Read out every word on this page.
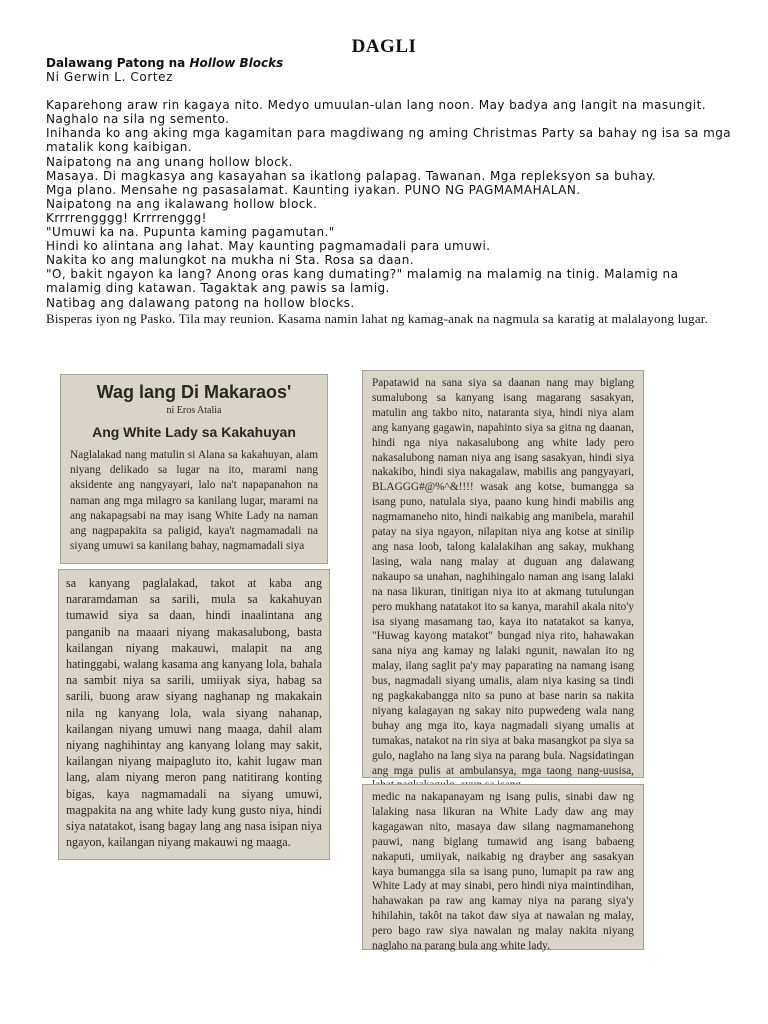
DAGLI
Dalawang Patong na Hollow Blocks
Ni Gerwin L. Cortez

Kaparehong araw rin kagaya nito. Medyo umuulan-ulan lang noon. May badya ang langit na masungit.

Naghalo na sila ng semento.

Inihanda ko ang aking mga kagamitan para magdiwang ng aming Christmas Party sa bahay ng isa sa mga matalik kong kaibigan.

Naipatong na ang unang hollow block.

Masaya. Di magkasya ang kasayahan sa ikatlong palapag. Tawanan. Mga repleksyon sa buhay.

Mga plano. Mensahe ng pasasalamat. Kaunting iyakan. PUNO NG PAGMAMAHALAN.

Naipatong na ang ikalawang hollow block.

Krrrrengggg! Krrrrenggg!

"Umuwi ka na. Pupunta kaming pagamutan."

Hindi ko alintana ang lahat. May kaunting pagmamadali para umuwi.

Nakita ko ang malungkot na mukha ni Sta. Rosa sa daan.

"O, bakit ngayon ka lang? Anong oras kang dumating?" malamig na malamig na tinig. Malamig na malamig ding katawan. Tagaktak ang pawis sa lamig.

Natibag ang dalawang patong na hollow blocks.

Bisperas iyon ng Pasko. Tila may reunion. Kasama namin lahat ng kamag-anak na nagmula sa karatig at malalayong lugar.

Wag lang Di Makaraos'
ni Eros Atalia
Ang White Lady sa Kakahuyan
Naglalakad nang matulin si Alana sa kakahuyan, alam niyang delikado sa lugar na ito, marami nang aksidente ang nangyayari, lalo na't napapanahon na naman ang mga milagro sa kanilang lugar, marami na ang nakapagsabi na may isang White Lady na naman ang nagpapakita sa paligid, kaya't nagmamadali na siyang umuwi sa kanilang bahay, nagmamadali siya
sa kanyang paglalakad, takot at kaba ang nararamdaman sa sarili, mula sa kakahuyan tumawid siya sa daan, hindi inaalintana ang panganib na maaari niyang makasalubong, basta kailangan niyang makauwi, malapit na ang hatinggabi, walang kasama ang kanyang lola, bahala na sambit niya sa sarili, umiiyak siya, habag sa sarili, buong araw siyang naghanap ng makakain nila ng kanyang lola, wala siyang nahanap, kailangan niyang umuwi nang maaga, dahil alam niyang naghihintay ang kanyang lolang may sakit, kailangan niyang maipagluto ito, kahit lugaw man lang, alam niyang meron pang natitirang konting bigas, kaya nagmamadali na siyang umuwi, magpakita na ang white lady kung gusto niya, hindi siya natatakot, isang bagay lang ang nasa isipan niya ngayon, kailangan niyang makauwi ng maaga.
Papatawid na sana siya sa daanan nang may biglang sumalubong sa kanyang isang magarang sasakyan, matulin ang takbo nito, nataranta siya, hindi niya alam ang kanyang gagawin, napahinto siya sa gitna ng daanan, hindi nga niya nakasalubong ang white lady pero nakasalubong naman niya ang isang sasakyan, hindi siya nakakibo, hindi siya nakagalaw, mabilis ang pangyayari, BLAGGG#@%^&!!!! wasak ang kotse, bumangga sa isang puno, natulala siya, paano kung hindi mabilis ang nagmamaneho nito, hindi naikabig ang manibela, marahil patay na siya ngayon, nilapitan niya ang kotse at sinilip ang nasa loob, talong kalalakihan ang sakay, mukhang lasing, wala nang malay at duguan ang dalawang nakaupo sa unahan, naghihingalo naman ang isang lalaki na nasa likuran, tinitigan niya ito at akmang tutulungan pero mukhang natatakot ito sa kanya, marahil akala nito'y isa siyang masamang tao, kaya ito natatakot sa kanya, "Huwag kayong matakot" bungad niya rito, hahawakan sana niya ang kamay ng lalaki ngunit, nawalan ito ng malay, ilang saglit pa'y may paparating na namang isang bus, nagmadali siyang umalis, alam niya kasing sa tindi ng pagkakabangga nito sa puno at base narin sa nakita niyang kalagayan ng sakay nito pupwedeng wala nang buhay ang mga ito, kaya nagmadali siyang umalis at tumakas, natakot na rin siya at baka masangkot pa siya sa gulo, naglaho na lang siya na parang bula. Nagsidatingan ang mga pulis at ambulansya, mga taong nang-uusisa,
medic na nakapanayam ng isang pulis, sinabi daw ng lalaking nasa likuran na White Lady daw ang may kagagawan nito, masaya daw silang nagmamanehong pauwi, nang biglang tumawid ang isang babaeng nakaputi, umiiyak, naikabig ng drayber ang sasakyan kaya bumangga sila sa isang puno, lumapit pa raw ang White Lady at may sinabi, pero hindi niya maintindihan, hahawakan pa raw ang kamay niya na parang siya'y hihilahin, takôt na takot daw siya at nawalan ng malay, pero bago raw siya nawalan ng malay nakita niyang naglaho na parang bula ang white lady.
